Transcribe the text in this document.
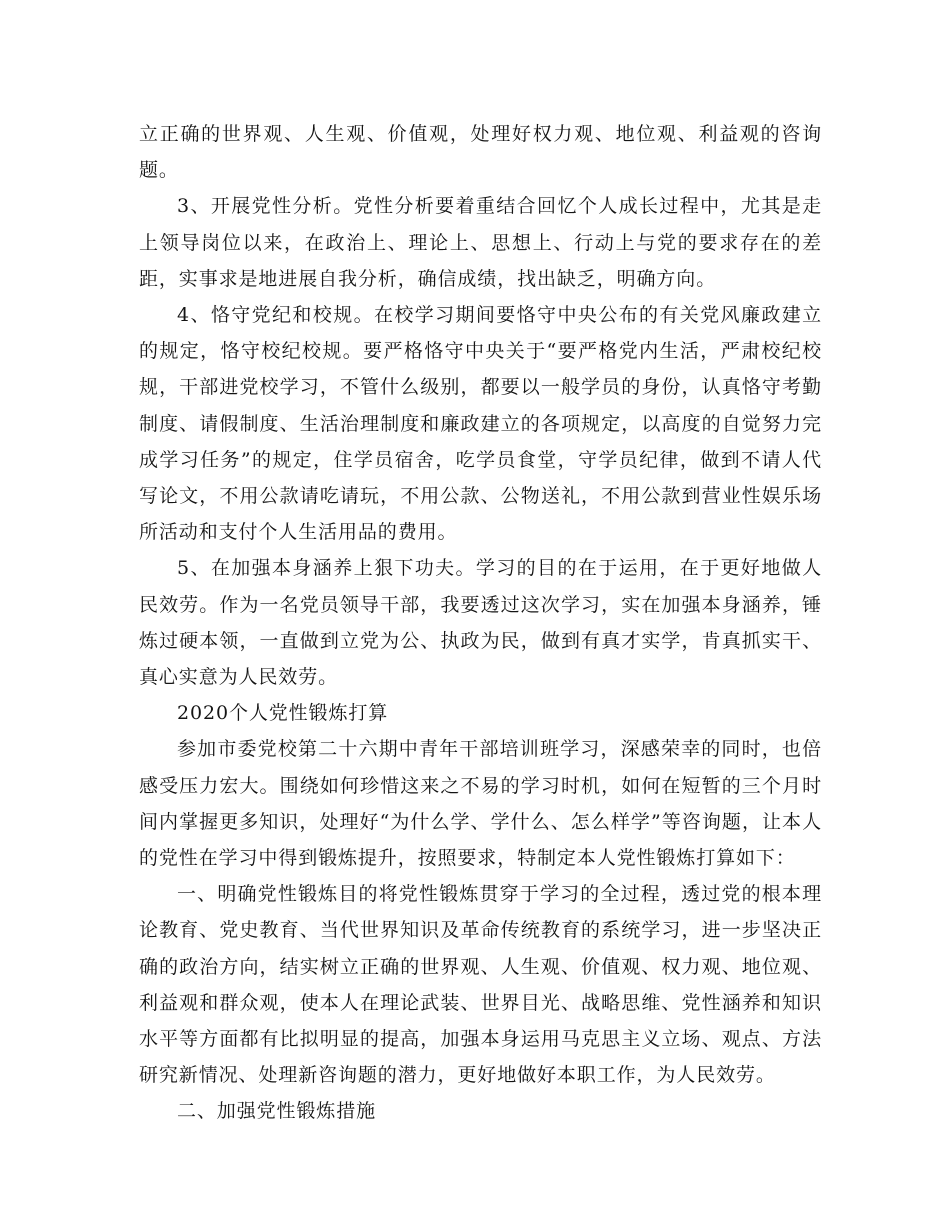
立正确的世界观、人生观、价值观，处理好权力观、地位观、利益观的咨询题。

3、开展党性分析。党性分析要着重结合回忆个人成长过程中，尤其是走上领导岗位以来，在政治上、理论上、思想上、行动上与党的要求存在的差距，实事求是地进展自我分析，确信成绩，找出缺乏，明确方向。

4、恪守党纪和校规。在校学习期间要恪守中央公布的有关党风廉政建立的规定，恪守校纪校规。要严格恪守中央关于“要严格党内生活，严肃校纪校规，干部进党校学习，不管什么级别，都要以一般学员的身份，认真恪守考勤制度、请假制度、生活治理制度和廉政建立的各项规定，以高度的自觉努力完成学习任务”的规定，住学员宿舍，吃学员食堂，守学员纪律，做到不请人代写论文，不用公款请吃请玩，不用公款、公物送礼，不用公款到营业性娱乐场所活动和支付个人生活用品的费用。

5、在加强本身涵养上狠下功夫。学习的目的在于运用，在于更好地做人民效劳。作为一名党员领导干部，我要透过这次学习，实在加强本身涵养，锤炼过硬本领，一直做到立党为公、执政为民，做到有真才实学，肯真抓实干、真心实意为人民效劳。

2020个人党性锻炼打算

参加市委党校第二十六期中青年干部培训班学习，深感荣幸的同时，也倍感受压力宏大。围绕如何珍惜这来之不易的学习时机，如何在短暂的三个月时间内掌握更多知识，处理好“为什么学、学什么、怎么样学”等咨询题，让本人的党性在学习中得到锻炼提升，按照要求，特制定本人党性锻炼打算如下：

一、明确党性锻炼目的将党性锻炼贯穿于学习的全过程，透过党的根本理论教育、党史教育、当代世界知识及革命传统教育的系统学习，进一步坚决正确的政治方向，结实树立正确的世界观、人生观、价值观、权力观、地位观、利益观和群众观，使本人在理论武装、世界目光、战略思维、党性涵养和知识水平等方面都有比拟明显的提高，加强本身运用马克思主义立场、观点、方法研究新情况、处理新咨询题的潜力，更好地做好本职工作，为人民效劳。

二、加强党性锻炼措施
